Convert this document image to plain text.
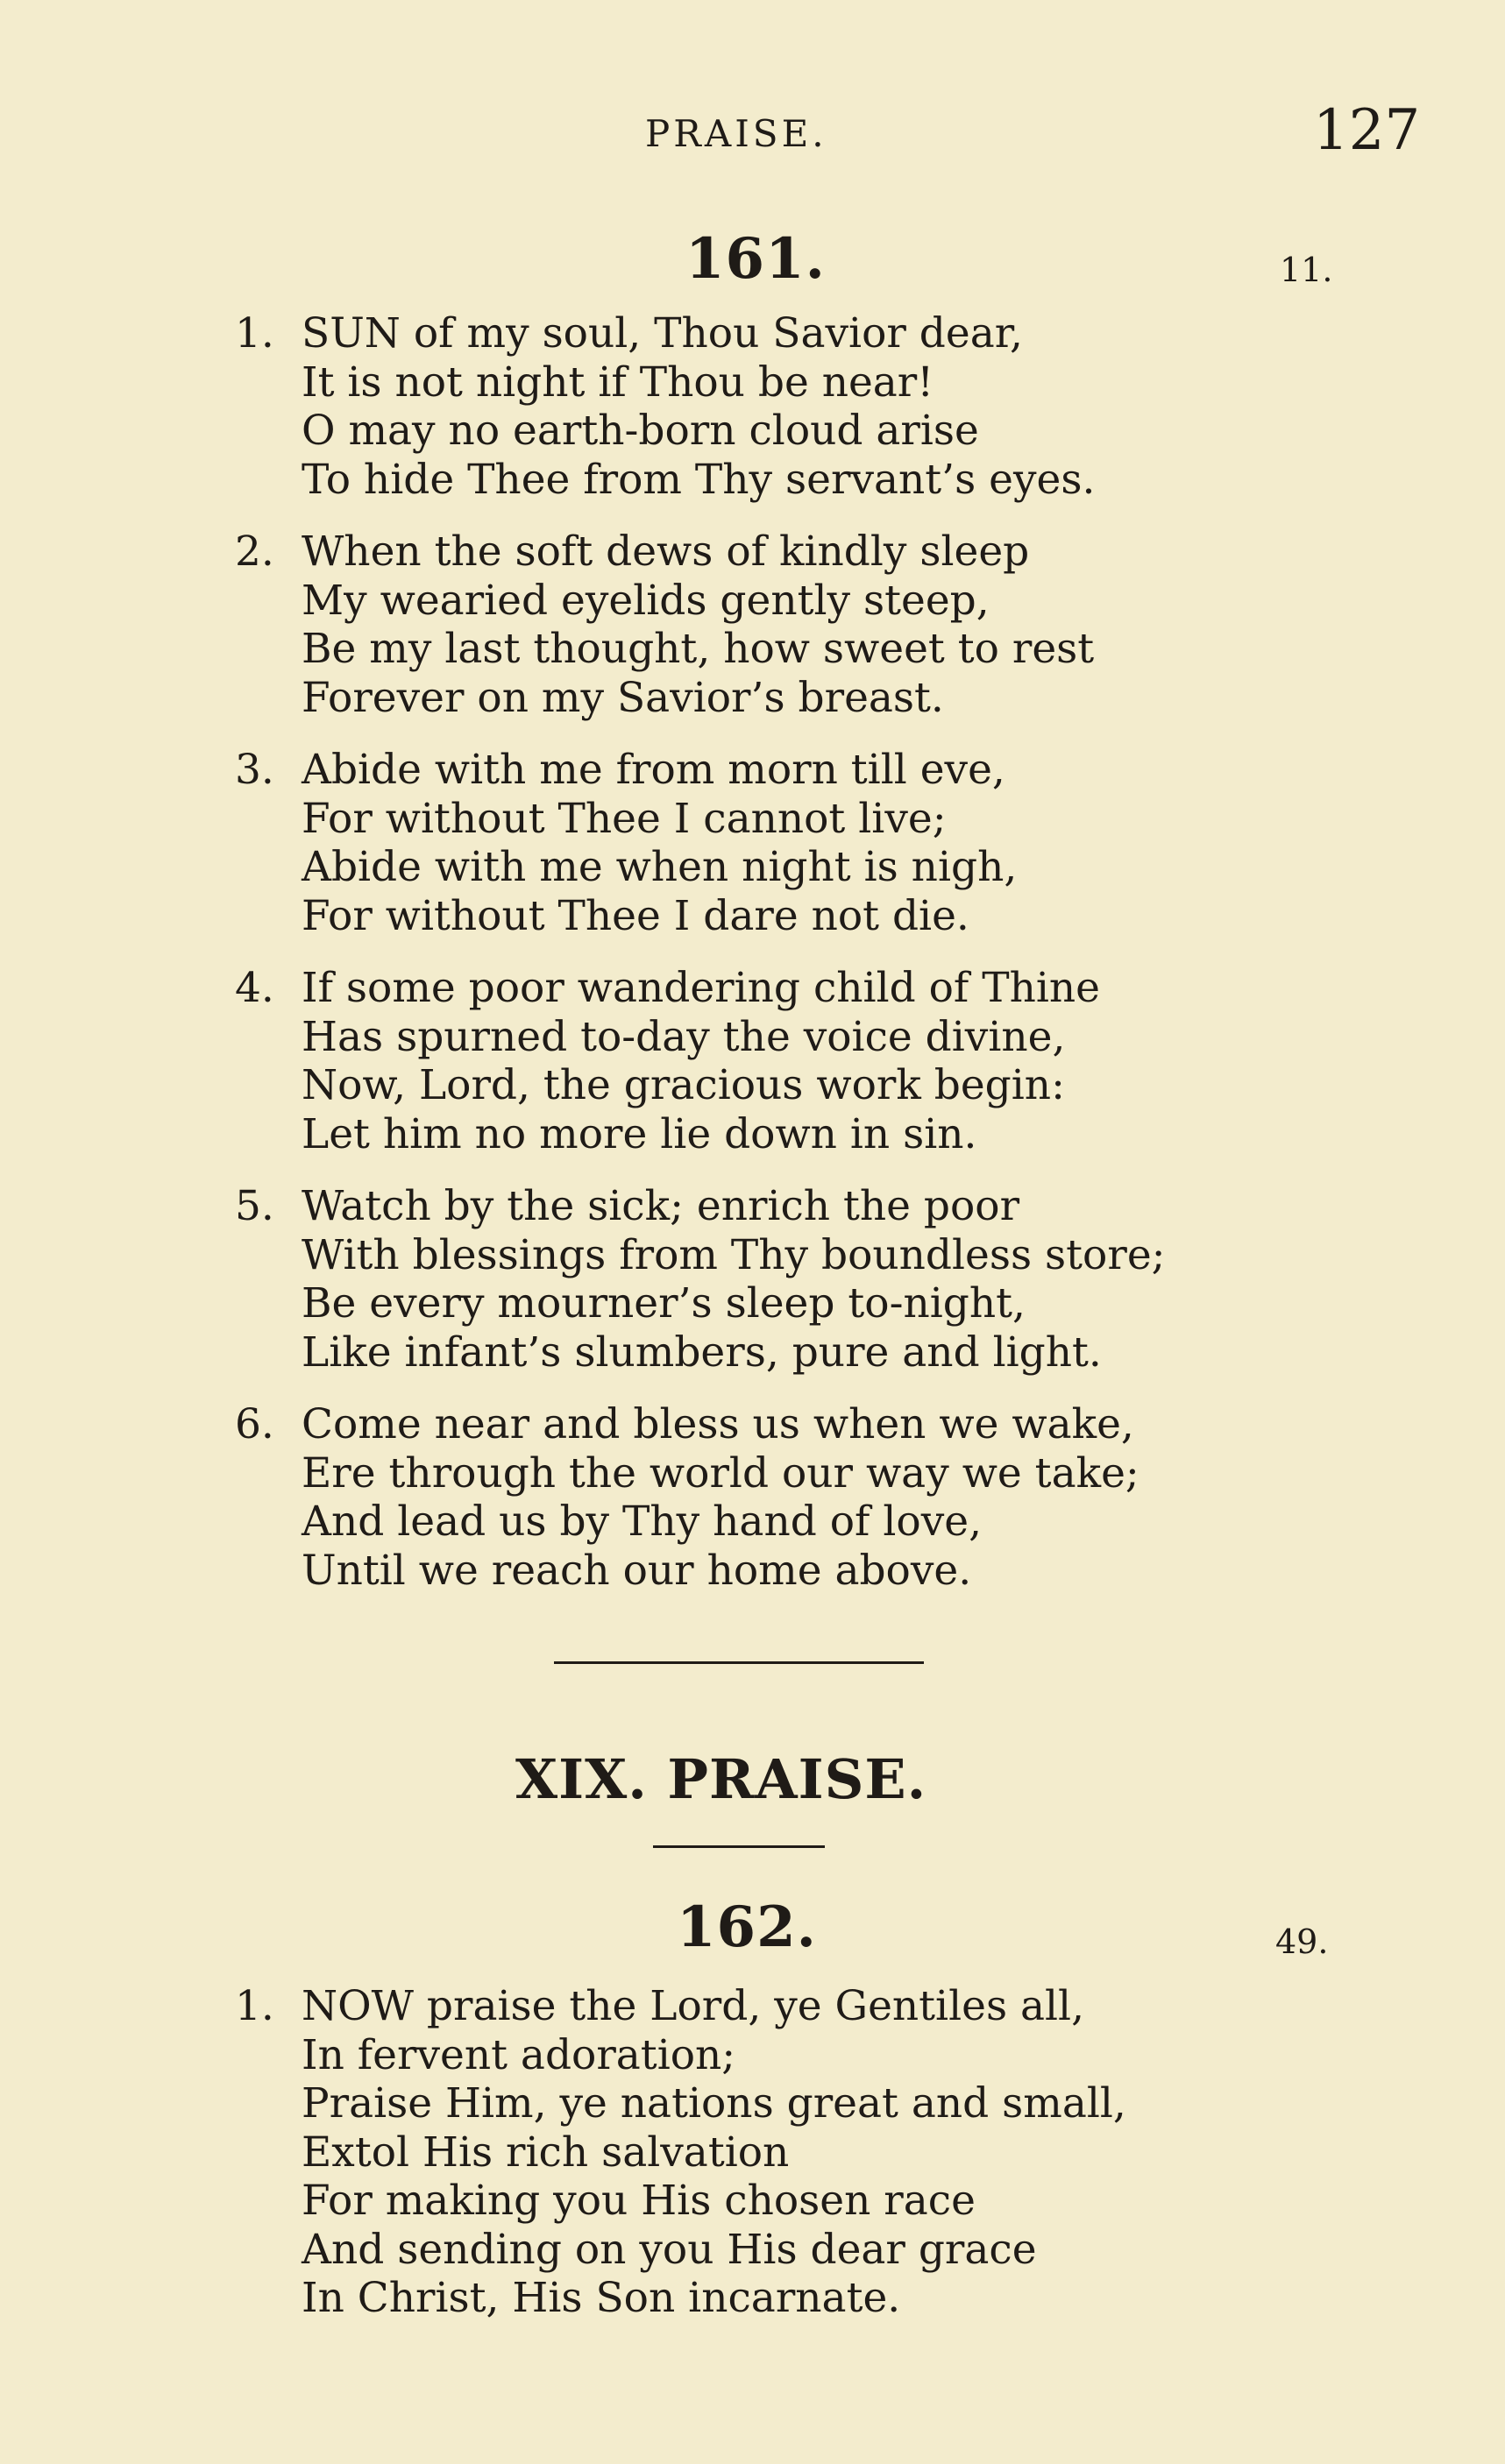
PRAISE.	127
161.	11.
1. SUN of my soul, Thou Savior dear,
It is not night if Thou be near!
O may no earth-born cloud arise
To hide Thee from Thy servant’s eyes.
2. When the soft dews of kindly sleep
My wearied eyelids gently steep,
Be my last thought, how sweet to rest
Forever on my Savior’s breast.
3. Abide with me from morn till eve,
For without Thee I cannot live;
Abide with me when night is nigh,
For without Thee I dare not die.
4. If some poor wandering child of Thine
Has spurned to-day the voice divine,
Now, Lord, the gracious work begin:
Let him no more lie down in sin.
5. Watch by the sick; enrich the poor
With blessings from Thy boundless store;
Be every mourner’s sleep to-night,
Like infant’s slumbers, pure and light.
6. Come near and bless us when we wake,
Ere through the world our way we take;
And lead us by Thy hand of love,
Until we reach our home above.
XIX. PRAISE.
162.	49.
1. NOW praise the Lord, ye Gentiles all,
In fervent adoration;
Praise Him, ye nations great and small,
Extol His rich salvation
For making you His chosen race
And sending on you His dear grace
In Christ, His Son incarnate.
